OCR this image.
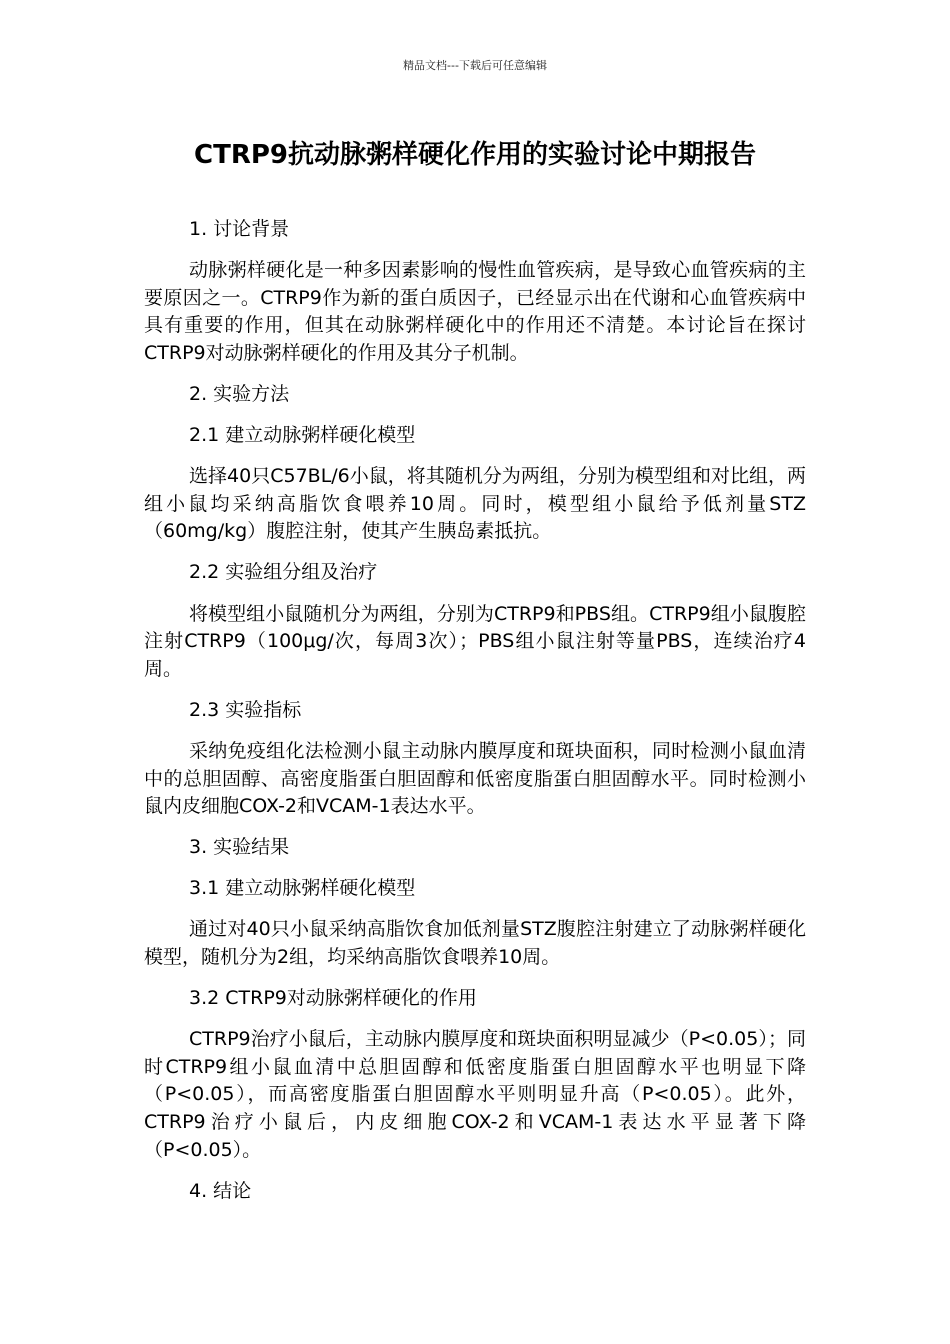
精品文档---下载后可任意编辑
CTRP9抗动脉粥样硬化作用的实验讨论中期报告

1. 讨论背景

动脉粥样硬化是一种多因素影响的慢性血管疾病，是导致心血管疾病的主要原因之一。CTRP9作为新的蛋白质因子，已经显示出在代谢和心血管疾病中具有重要的作用，但其在动脉粥样硬化中的作用还不清楚。本讨论旨在探讨CTRP9对动脉粥样硬化的作用及其分子机制。

2. 实验方法

2.1 建立动脉粥样硬化模型

选择40只C57BL/6小鼠，将其随机分为两组，分别为模型组和对比组，两组小鼠均采纳高脂饮食喂养10周。同时，模型组小鼠给予低剂量STZ（60mg/kg）腹腔注射，使其产生胰岛素抵抗。

2.2 实验组分组及治疗

将模型组小鼠随机分为两组，分别为CTRP9和PBS组。CTRP9组小鼠腹腔注射CTRP9（100μg/次，每周3次）；PBS组小鼠注射等量PBS，连续治疗4周。

2.3 实验指标

采纳免疫组化法检测小鼠主动脉内膜厚度和斑块面积，同时检测小鼠血清中的总胆固醇、高密度脂蛋白胆固醇和低密度脂蛋白胆固醇水平。同时检测小鼠内皮细胞COX-2和VCAM-1表达水平。

3. 实验结果

3.1 建立动脉粥样硬化模型

通过对40只小鼠采纳高脂饮食加低剂量STZ腹腔注射建立了动脉粥样硬化模型，随机分为2组，均采纳高脂饮食喂养10周。

3.2 CTRP9对动脉粥样硬化的作用

CTRP9治疗小鼠后，主动脉内膜厚度和斑块面积明显减少（P<0.05）；同时CTRP9组小鼠血清中总胆固醇和低密度脂蛋白胆固醇水平也明显下降（P<0.05），而高密度脂蛋白胆固醇水平则明显升高（P<0.05）。此外，CTRP9治疗小鼠后，内皮细胞COX-2和VCAM-1表达水平显著下降（P<0.05）。

4. 结论
